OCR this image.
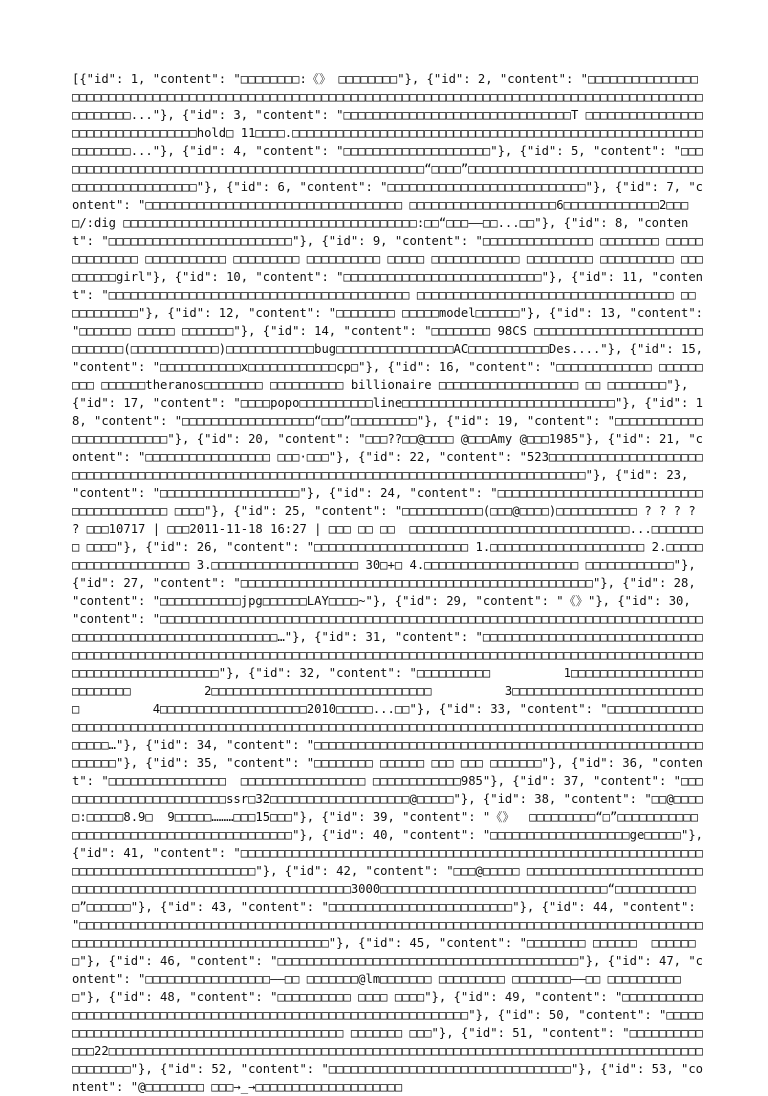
[{"id": 1, "content": "□□□□□□□□:《》 □□□□□□□□"}, {"id": 2, "content": "□□□□□□□□□□□□□□□□□□□□□□□□□□□□□□□□□□□□□□□□□□□□□□□□□□□□□□□□□□□□□□□□□□□□□□□□□□□□□□□□□□□□□□□□□□□□□□□□□□□□□□□□□□□□□..."}, {"id": 3, "content": "□□□□□□□□□□□□□□□□□□□□□□□□□□□□□□□T □□□□□□□□□□□□□□□□□□□□□□□□□□□□□□□□□hold□ 11□□□□.□□□□□□□□□□□□□□□□□□□□□□□□□□□□□□□□□□□□□□□□□□□□□□□□□□□□□□□□□□□□□□□□..."}, {"id": 4, "content": "□□□□□□□□□□□□□□□□□□□□"}, {"id": 5, "content": "□□□□□□□□□□□□□□□□□□□□□□□□□□□□□□□□□□□□□□□□□□□□□□□□□□□“□□□□”□□□□□□□□□□□□□□□□□□□□□□□□□□□□□□□□□□□□□□□□□□□□□□□□□"}, {"id": 6, "content": "□□□□□□□□□□□□□□□□□□□□□□□□□□□"}, {"id": 7, "content": "□□□□□□□□□□□□□□□□□□□□□□□□□□□□□□□□□□□ □□□□□□□□□□□□□□□□□□□□6□□□□□□□□□□□□□2□□□□/:dig □□□□□□□□□□□□□□□□□□□□□□□□□□□□□□□□□□□□□□□□:□□“□□□——□□...□□"}, {"id": 8, "content": "□□□□□□□□□□□□□□□□□□□□□□□□□"}, {"id": 9, "content": "□□□□□□□□□□□□□□□ □□□□□□□□ □□□□□□□□□□□□□□ □□□□□□□□□□□ □□□□□□□□□ □□□□□□□□□□ □□□□□ □□□□□□□□□□□□ □□□□□□□□□ □□□□□□□□□□ □□□□□□□□□girl"}, {"id": 10, "content": "□□□□□□□□□□□□□□□□□□□□□□□□□□□"}, {"id": 11, "content": "□□□□□□□□□□□□□□□□□□□□□□□□□□□□□□□□□□□□□□□□□ □□□□□□□□□□□□□□□□□□□□□□□□□□□□□□□□□□□ □□ □□□□□□□□□"}, {"id": 12, "content": "□□□□□□□□ □□□□□model□□□□□□"}, {"id": 13, "content": "□□□□□□□ □□□□□ □□□□□□□"}, {"id": 14, "content": "□□□□□□□□ 98CS □□□□□□□□□□□□□□□□□□□□□□□□□□□□□□(□□□□□□□□□□□□)□□□□□□□□□□□□bug□□□□□□□□□□□□□□□□AC□□□□□□□□□□□Des...."}, {"id": 15, "content": "□□□□□□□□□□□x□□□□□□□□□□□□cp□"}, {"id": 16, "content": "□□□□□□□□□□□□□ □□□□□□□□□ □□□□□□theranos□□□□□□□□ □□□□□□□□□□ billionaire □□□□□□□□□□□□□□□□□□□ □□ □□□□□□□□"}, {"id": 17, "content": "□□□□popo□□□□□□□□□□line□□□□□□□□□□□□□□□□□□□□□□□□□□□□□"}, {"id": 18, "content": "□□□□□□□□□□□□□□□□□□“□□□”□□□□□□□□□"}, {"id": 19, "content": "□□□□□□□□□□□□□□□□□□□□□□□□□"}, {"id": 20, "content": "□□□??□□@□□□□ @□□□Amy @□□□1985"}, {"id": 21, "content": "□□□□□□□□□□□□□□□□□ □□□·□□□"}, {"id": 22, "content": "523□□□□□□□□□□□□□□□□□□□□□□□□□□□□□□□□□□□□□□□□□□□□□□□□□□□□□□□□□□□□□□□□□□□□□□□□□□□□□□□□□□□□□□□□□□□"}, {"id": 23, "content": "□□□□□□□□□□□□□□□□□□□"}, {"id": 24, "content": "□□□□□□□□□□□□□□□□□□□□□□□□□□□□□□□□□□□□□□□□□ □□□□"}, {"id": 25, "content": "□□□□□□□□□□□(□□□@□□□□)□□□□□□□□□□□ ? ? ? ? ? □□□10717 | □□□2011-11-18 16:27 | □□□ □□ □□  □□□□□□□□□□□□□□□□□□□□□□□□□□□□□□...□□□□□□□□ □□□□"}, {"id": 26, "content": "□□□□□□□□□□□□□□□□□□□□□ 1.□□□□□□□□□□□□□□□□□□□□□ 2.□□□□□□□□□□□□□□□□□□□□□ 3.□□□□□□□□□□□□□□□□□□□□ 30□+□ 4.□□□□□□□□□□□□□□□□□□□□□ □□□□□□□□□□□□"}, {"id": 27, "content": "□□□□□□□□□□□□□□□□□□□□□□□□□□□□□□□□□□□□□□□□□□□□□□□□"}, {"id": 28, "content": "□□□□□□□□□□□jpg□□□□□□LAY□□□□~"}, {"id": 29, "content": "《》"}, {"id": 30, "content": "□□□□□□□□□□□□□□□□□□□□□□□□□□□□□□□□□□□□□□□□□□□□□□□□□□□□□□□□□□□□□□□□□□□□□□□□□□□□□□□□□□□□□□□□□□□□□□□□□□□□□□…"}, {"id": 31, "content": "□□□□□□□□□□□□□□□□□□□□□□□□□□□□□□□□□□□□□□□□□□□□□□□□□□□□□□□□□□□□□□□□□□□□□□□□□□□□□□□□□□□□□□□□□□□□□□□□□□□□□□□□□□□□□□□□□□□□□□□□□□□□□□□□□□□□□□□□"}, {"id": 32, "content": "□□□□□□□□□□          1□□□□□□□□□□□□□□□□□□□□□□□□□□          2□□□□□□□□□□□□□□□□□□□□□□□□□□□□□□          3□□□□□□□□□□□□□□□□□□□□□□□□□□□          4□□□□□□□□□□□□□□□□□□□□2010□□□□□...□□"}, {"id": 33, "content": "□□□□□□□□□□□□□□□□□□□□□□□□□□□□□□□□□□□□□□□□□□□□□□□□□□□□□□□□□□□□□□□□□□□□□□□□□□□□□□□□□□□□□□□□□□□□□□□□□□□□□□□□…"}, {"id": 34, "content": "□□□□□□□□□□□□□□□□□□□□□□□□□□□□□□□□□□□□□□□□□□□□□□□□□□□□□□□□□□□"}, {"id": 35, "content": "□□□□□□□□ □□□□□□ □□□ □□□ □□□□□□□"}, {"id": 36, "content": "□□□□□□□□□□□□□□□□  □□□□□□□□□□□□□□□□□ □□□□□□□□□□□□985"}, {"id": 37, "content": "□□□□□□□□□□□□□□□□□□□□□□□□ssr□32□□□□□□□□□□□□□□□□□□□@□□□□□"}, {"id": 38, "content": "□□@□□□□□:□□□□□8.9□  9□□□□□………□□□15□□□"}, {"id": 39, "content": "《》  □□□□□□□□□“□”□□□□□□□□□□□□□□□□□□□□□□□□□□□□□□□□□□□□□□□□□"}, {"id": 40, "content": "□□□□□□□□□□□□□□□□□□□ge□□□□□"}, {"id": 41, "content": "□□□□□□□□□□□□□□□□□□□□□□□□□□□□□□□□□□□□□□□□□□□□□□□□□□□□□□□□□□□□□□□□□□□□□□□□□□□□□□□□□□□□□□□□"}, {"id": 42, "content": "□□□@□□□□□ □□□□□□□□□□□□□□□□□□□□□□□□□□□□□□□□□□□□□□□□□□□□□□□□□□□□□□□□□□□□□□3000□□□□□□□□□□□□□□□□□□□□□□□□□□□□□□□“□□□□□□□□□□□□”□□□□□□"}, {"id": 43, "content": "□□□□□□□□□□□□□□□□□□□□□□□□□"}, {"id": 44, "content": "□□□□□□□□□□□□□□□□□□□□□□□□□□□□□□□□□□□□□□□□□□□□□□□□□□□□□□□□□□□□□□□□□□□□□□□□□□□□□□□□□□□□□□□□□□□□□□□□□□□□□□□□□□□□□□□□□□□□□□□□"}, {"id": 45, "content": "□□□□□□□□ □□□□□□  □□□□□□□"}, {"id": 46, "content": "□□□□□□□□□□□□□□□□□□□□□□□□□□□□□□□□□□□□□□□□□"}, {"id": 47, "content": "□□□□□□□□□□□□□□□□□——□□ □□□□□□□@lm□□□□□□□ □□□□□□□□□ □□□□□□□□——□□ □□□□□□□□□□□"}, {"id": 48, "content": "□□□□□□□□□□ □□□□ □□□□"}, {"id": 49, "content": "□□□□□□□□□□□□□□□□□□□□□□□□□□□□□□□□□□□□□□□□□□□□□□□□□□□□□□□□□□□□□□□□□"}, {"id": 50, "content": "□□□□□□□□□□□□□□□□□□□□□□□□□□□□□□□□□□□□□□□□□□ □□□□□□□ □□□"}, {"id": 51, "content": "□□□□□□□□□□□□□22□□□□□□□□□□□□□□□□□□□□□□□□□□□□□□□□□□□□□□□□□□□□□□□□□□□□□□□□□□□□□□□□□□□□□□□□□□□□□□□□□□□□□□□□□"}, {"id": 52, "content": "□□□□□□□□□□□□□□□□□□□□□□□□□□□□□□□□□"}, {"id": 53, "content": "@□□□□□□□□ □□□→_→□□□□□□□□□□□□□□□□□□□□
